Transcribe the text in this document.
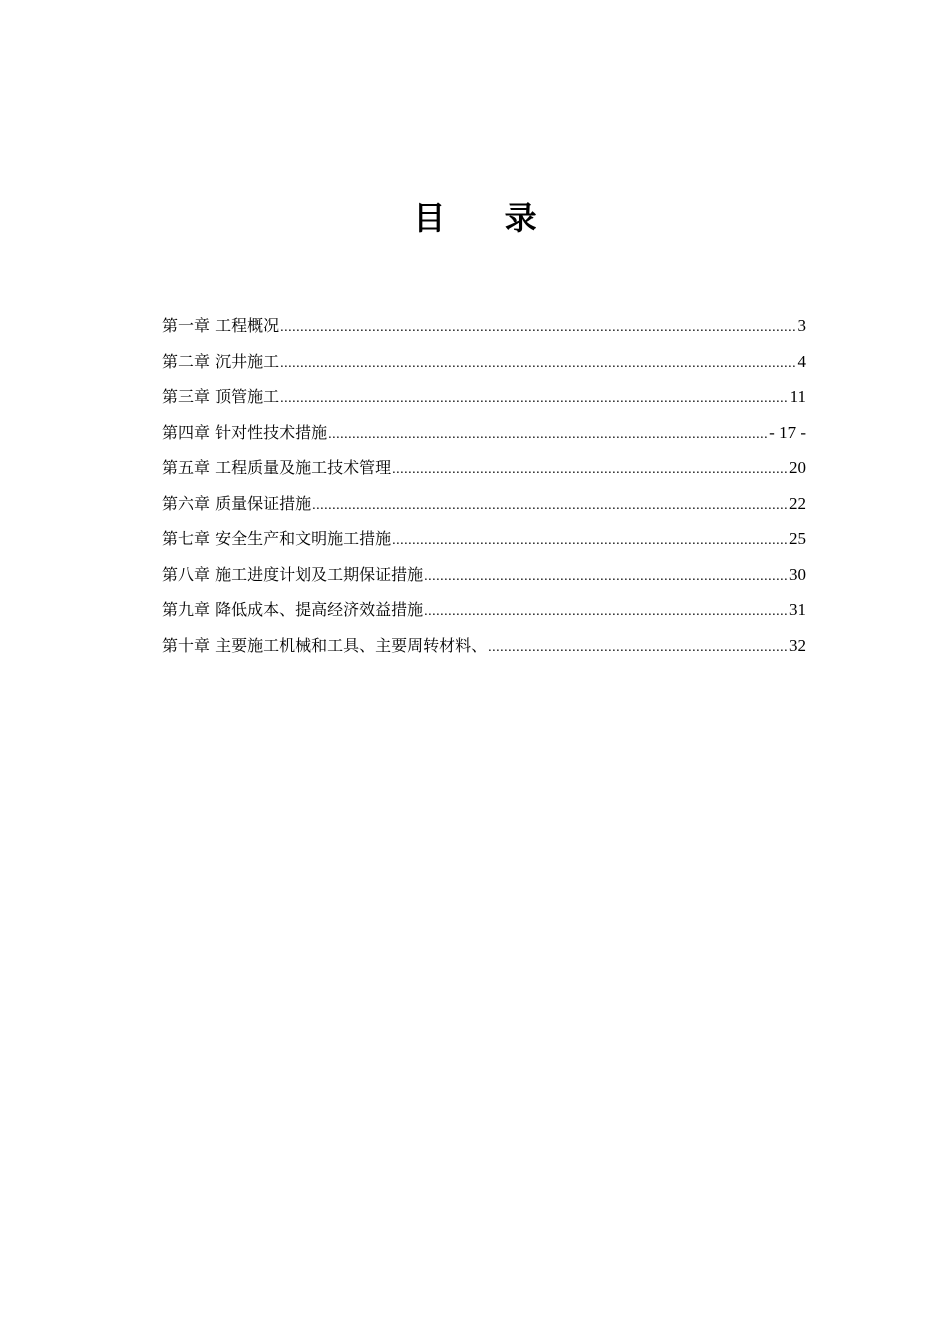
目 录
第一章 工程概况 .....	3
第二章 沉井施工 .....	4
第三章 顶管施工 .....	11
第四章 针对性技术措施 .....	- 17 -
第五章 工程质量及施工技术管理 .....	20
第六章 质量保证措施 .....	22
第七章 安全生产和文明施工措施 .....	25
第八章 施工进度计划及工期保证措施 .....	30
第九章 降低成本、提高经济效益措施 .....	31
第十章 主要施工机械和工具、主要周转材料、 .....	32
